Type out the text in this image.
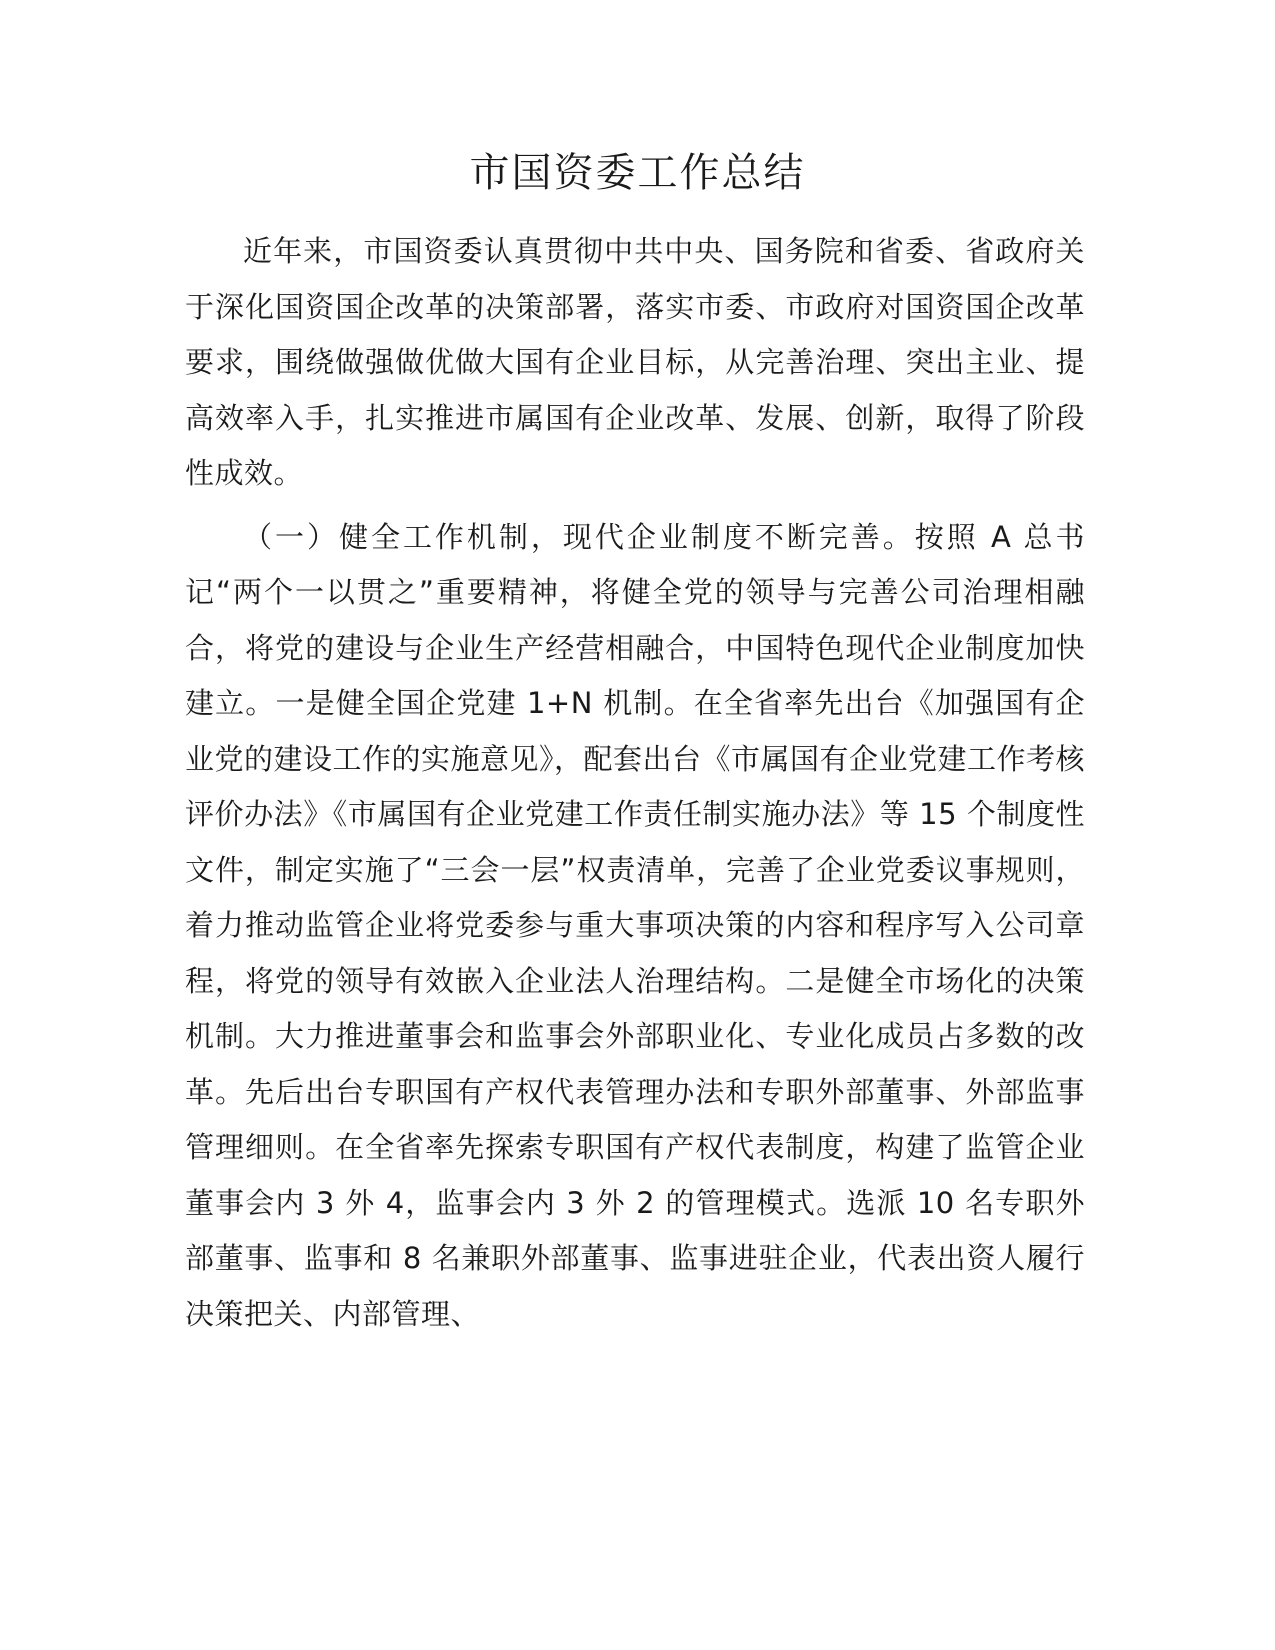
市国资委工作总结

近年来，市国资委认真贯彻中共中央、国务院和省委、省政府关于深化国资国企改革的决策部署，落实市委、市政府对国资国企改革要求，围绕做强做优做大国有企业目标，从完善治理、突出主业、提高效率入手，扎实推进市属国有企业改革、发展、创新，取得了阶段性成效。

（一）健全工作机制，现代企业制度不断完善。按照 A 总书记“两个一以贯之”重要精神，将健全党的领导与完善公司治理相融合，将党的建设与企业生产经营相融合，中国特色现代企业制度加快建立。一是健全国企党建 1+N 机制。在全省率先出台《加强国有企业党的建设工作的实施意见》，配套出台《市属国有企业党建工作考核评价办法》《市属国有企业党建工作责任制实施办法》等 15 个制度性文件，制定实施了“三会一层”权责清单，完善了企业党委议事规则，着力推动监管企业将党委参与重大事项决策的内容和程序写入公司章程，将党的领导有效嵌入企业法人治理结构。二是健全市场化的决策机制。大力推进董事会和监事会外部职业化、专业化成员占多数的改革。先后出台专职国有产权代表管理办法和专职外部董事、外部监事管理细则。在全省率先探索专职国有产权代表制度，构建了监管企业董事会内 3 外 4，监事会内 3 外 2 的管理模式。选派 10 名专职外部董事、监事和 8 名兼职外部董事、监事进驻企业，代表出资人履行决策把关、内部管理、
